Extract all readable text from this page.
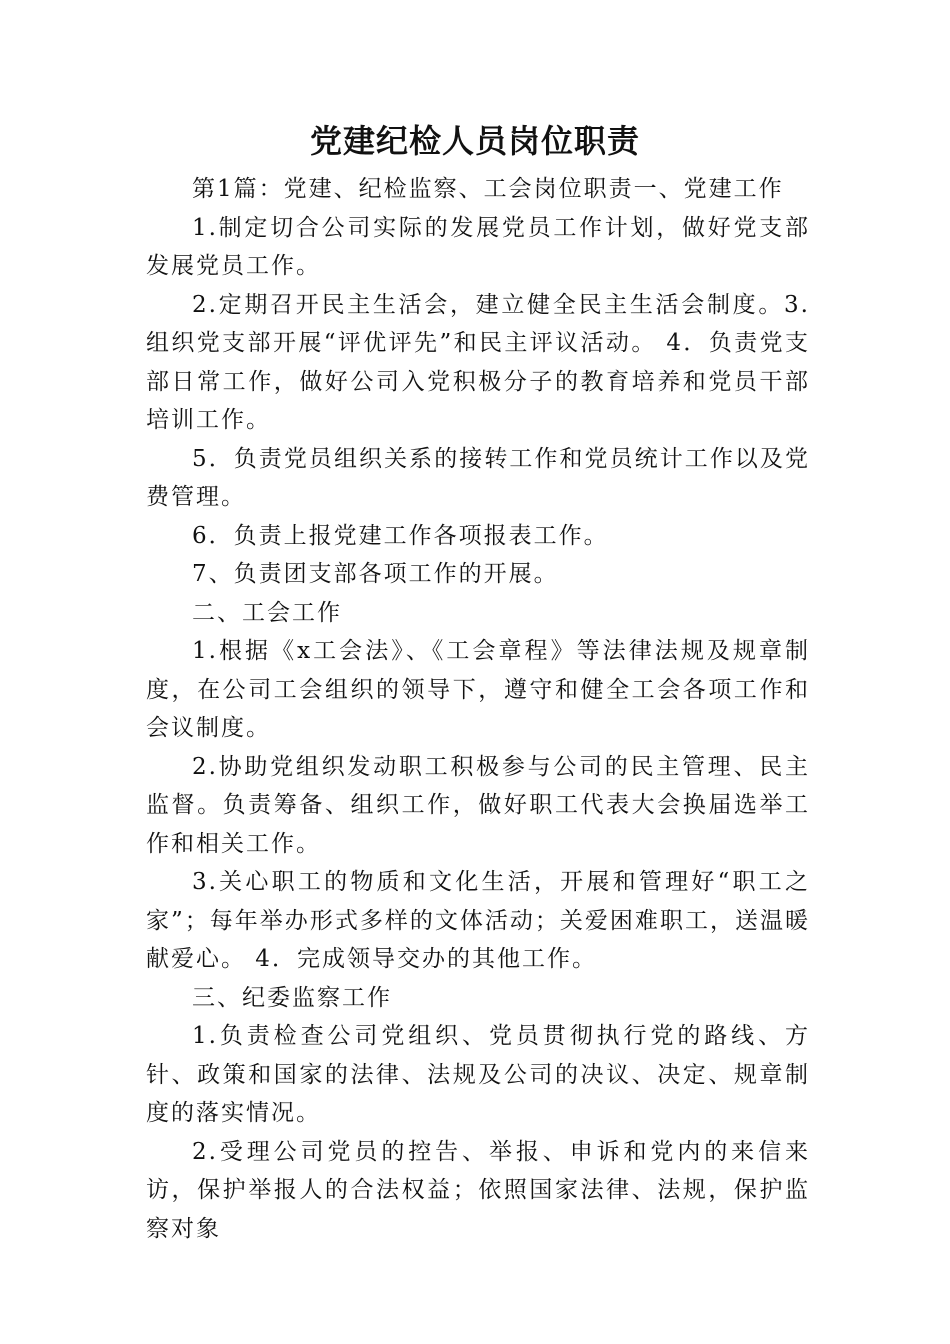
党建纪检人员岗位职责

第1篇：党建、纪检监察、工会岗位职责一、党建工作

1.制定切合公司实际的发展党员工作计划，做好党支部发展党员工作。

2.定期召开民主生活会，建立健全民主生活会制度。3.组织党支部开展“评优评先”和民主评议活动。 4．负责党支部日常工作，做好公司入党积极分子的教育培养和党员干部培训工作。

5．负责党员组织关系的接转工作和党员统计工作以及党费管理。

6．负责上报党建工作各项报表工作。

7、负责团支部各项工作的开展。

二、工会工作

1.根据《x工会法》、《工会章程》等法律法规及规章制度，在公司工会组织的领导下，遵守和健全工会各项工作和会议制度。

2.协助党组织发动职工积极参与公司的民主管理、民主监督。负责筹备、组织工作，做好职工代表大会换届选举工作和相关工作。

3.关心职工的物质和文化生活，开展和管理好“职工之家”；每年举办形式多样的文体活动；关爱困难职工，送温暖献爱心。 4．完成领导交办的其他工作。

三、纪委监察工作

1.负责检查公司党组织、党员贯彻执行党的路线、方针、政策和国家的法律、法规及公司的决议、决定、规章制度的落实情况。

2.受理公司党员的控告、举报、申诉和党内的来信来访，保护举报人的合法权益；依照国家法律、法规，保护监察对象
